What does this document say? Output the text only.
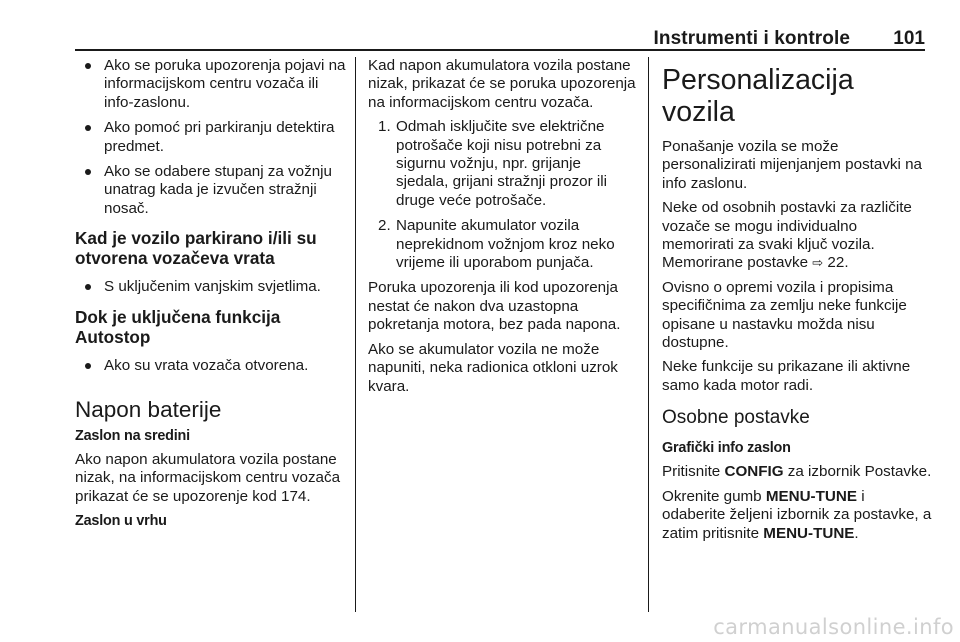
Instrumenti i kontrole 101
Ako se poruka upozorenja pojavi na informacijskom centru vozača ili info-zaslonu.
Ako pomoć pri parkiranju detektira predmet.
Ako se odabere stupanj za vožnju unatrag kada je izvučen stražnji nosač.
Kad je vozilo parkirano i/ili su otvorena vozačeva vrata
S uključenim vanjskim svjetlima.
Dok je uključena funkcija Autostop
Ako su vrata vozača otvorena.
Napon baterije
Zaslon na sredini

Ako napon akumulatora vozila postane nizak, na informacijskom centru vozača prikazat će se upozorenje kod 174.

Zaslon u vrhu

Kad napon akumulatora vozila postane nizak, prikazat će se poruka upozorenja na informacijskom centru vozača.

1. Odmah isključite sve električne potrošače koji nisu potrebni za sigurnu vožnju, npr. grijanje sjedala, grijani stražnji prozor ili druge veće potrošače.
2. Napunite akumulator vozila neprekidnom vožnjom kroz neko vrijeme ili uporabom punjača.

Poruka upozorenja ili kod upozorenja nestat će nakon dva uzastopna pokretanja motora, bez pada napona.

Ako se akumulator vozila ne može napuniti, neka radionica otkloni uzrok kvara.

Personalizacija vozila

Ponašanje vozila se može personalizirati mijenjanjem postavki na info zaslonu.

Neke od osobnih postavki za različite vozače se mogu individualno memorirati za svaki ključ vozila. Memorirane postavke ⇨ 22.

Ovisno o opremi vozila i propisima specifičnima za zemlju neke funkcije opisane u nastavku možda nisu dostupne.

Neke funkcije su prikazane ili aktivne samo kada motor radi.

Osobne postavke
Grafički info zaslon

Pritisnite CONFIG za izbornik Postavke.

Okrenite gumb MENU-TUNE i odaberite željeni izbornik za postavke, a zatim pritisnite MENU-TUNE.

carmanualsonline.info
